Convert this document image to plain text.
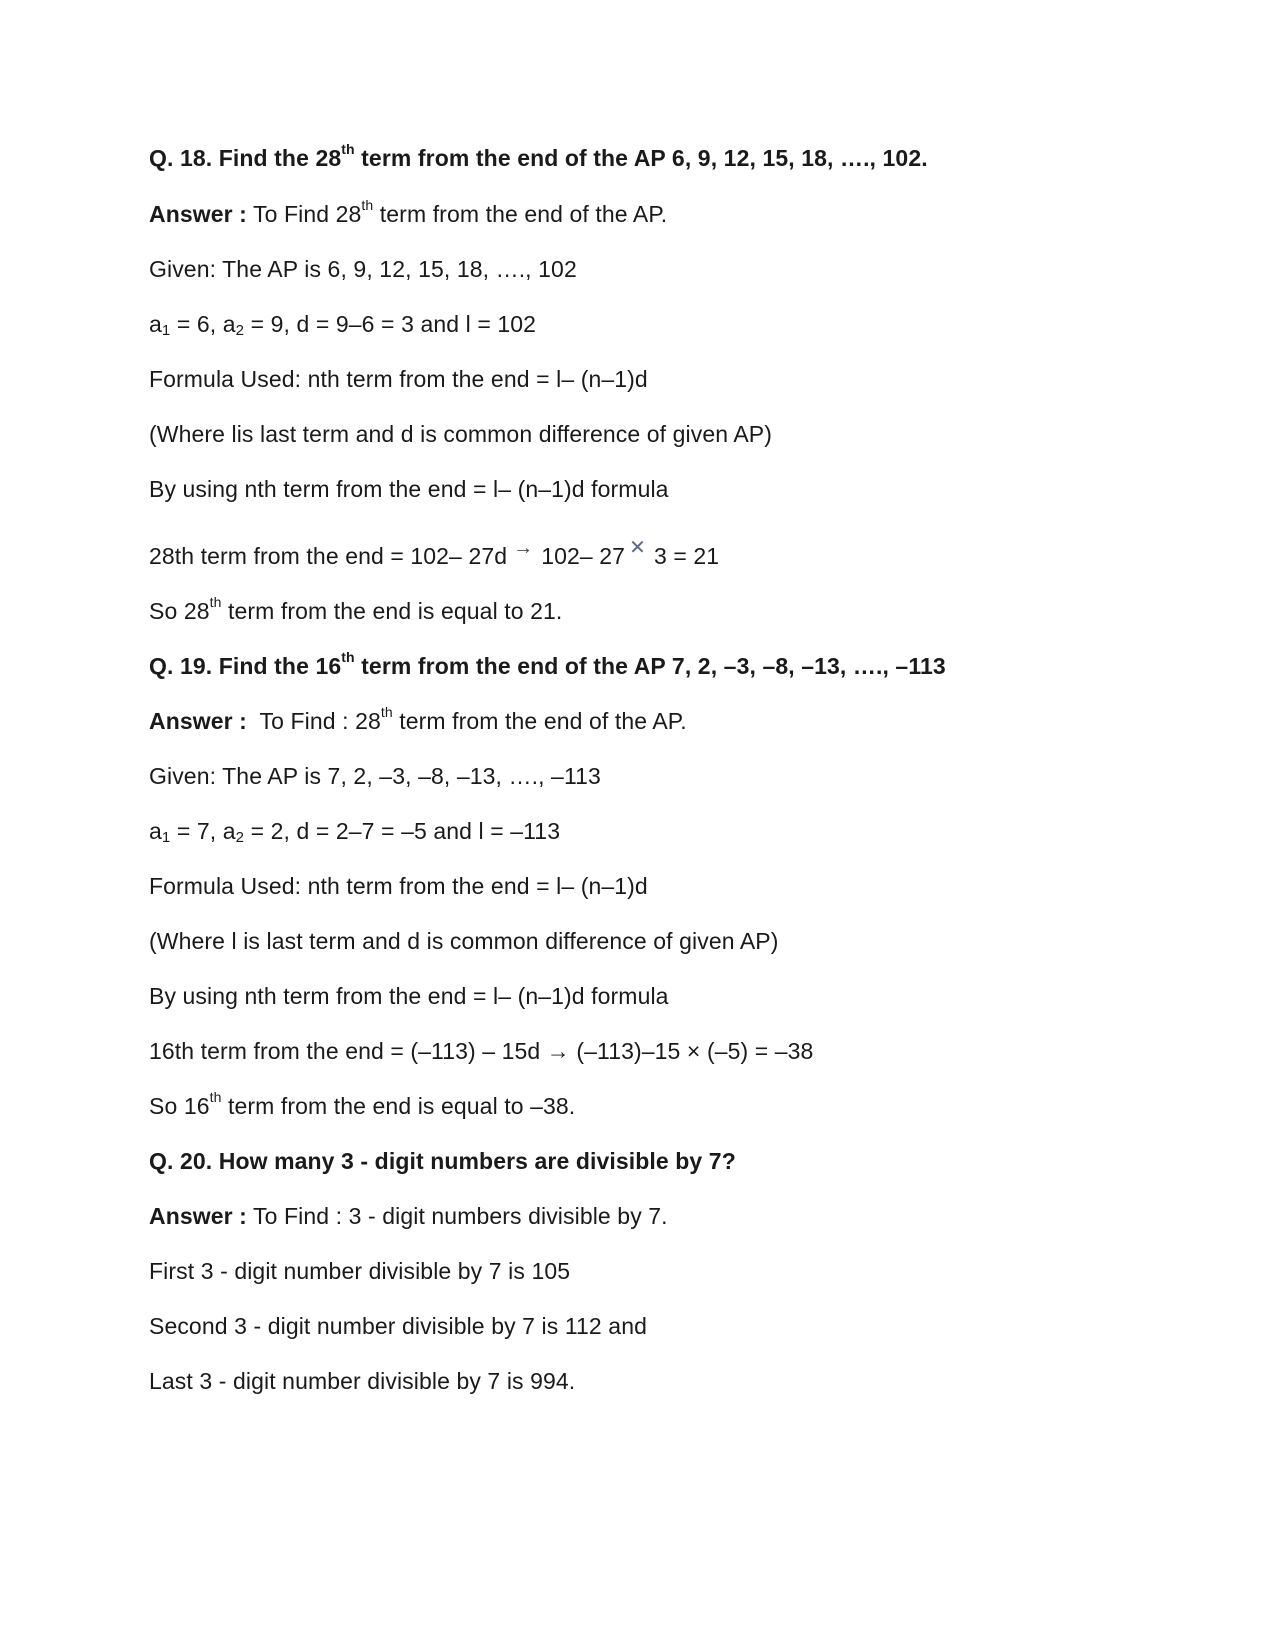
Q. 18. Find the 28th term from the end of the AP 6, 9, 12, 15, 18, …., 102.
Answer : To Find 28th term from the end of the AP.
Given: The AP is 6, 9, 12, 15, 18, …., 102
$a_1 = 6$, $a_2 = 9$, d = 9–6 = 3 and l = 102
Formula Used: nth term from the end = l– (n–1)d
(Where lis last term and d is common difference of given AP)
By using nth term from the end = l– (n–1)d formula
28th term from the end = 102– 27d → 102– 27 ✕ 3 = 21
So 28th term from the end is equal to 21.
Q. 19. Find the 16th term from the end of the AP 7, 2, –3, –8, –13, …., –113
Answer :  To Find : 28th term from the end of the AP.
Given: The AP is 7, 2, –3, –8, –13, …., –113
$a_1 = 7$, $a_2 = 2$, d = 2–7 = –5 and l = –113
Formula Used: nth term from the end = l– (n–1)d
(Where l is last term and d is common difference of given AP)
By using nth term from the end = l– (n–1)d formula
16th term from the end = (–113) – 15d → (–113)–15 × (–5) = –38
So 16th term from the end is equal to –38.
Q. 20. How many 3 - digit numbers are divisible by 7?
Answer : To Find : 3 - digit numbers divisible by 7.
First 3 - digit number divisible by 7 is 105
Second 3 - digit number divisible by 7 is 112 and
Last 3 - digit number divisible by 7 is 994.
